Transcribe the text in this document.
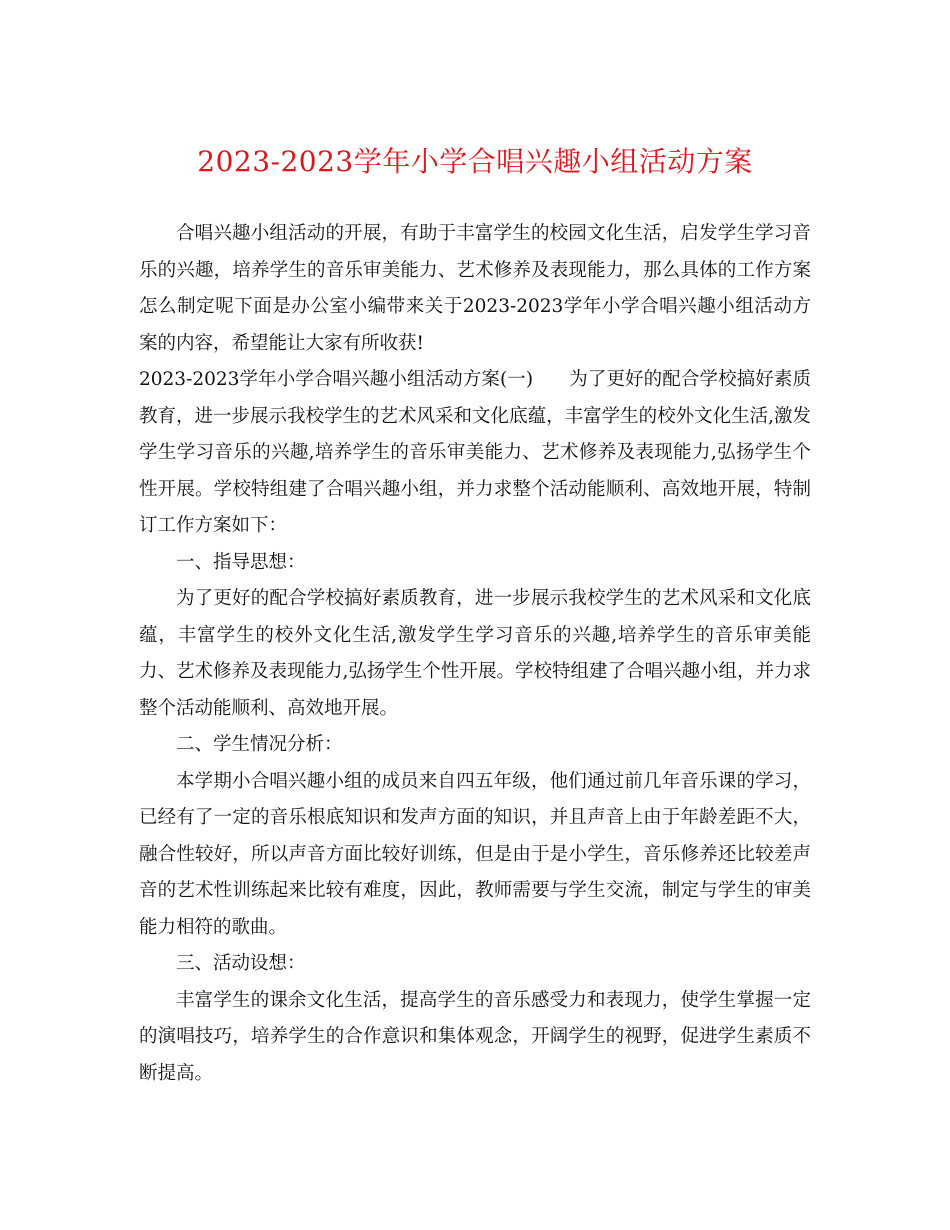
2023-2023学年小学合唱兴趣小组活动方案

合唱兴趣小组活动的开展，有助于丰富学生的校园文化生活，启发学生学习音乐的兴趣，培养学生的音乐审美能力、艺术修养及表现能力，那么具体的工作方案怎么制定呢下面是办公室小编带来关于2023-2023学年小学合唱兴趣小组活动方案的内容，希望能让大家有所收获!

2023-2023学年小学合唱兴趣小组活动方案(一) 为了更好的配合学校搞好素质教育，进一步展示我校学生的艺术风采和文化底蕴，丰富学生的校外文化生活,激发学生学习音乐的兴趣,培养学生的音乐审美能力、艺术修养及表现能力,弘扬学生个性开展。学校特组建了合唱兴趣小组，并力求整个活动能顺利、高效地开展，特制订工作方案如下：

一、指导思想：

为了更好的配合学校搞好素质教育，进一步展示我校学生的艺术风采和文化底蕴，丰富学生的校外文化生活,激发学生学习音乐的兴趣,培养学生的音乐审美能力、艺术修养及表现能力,弘扬学生个性开展。学校特组建了合唱兴趣小组，并力求整个活动能顺利、高效地开展。

二、学生情况分析：

本学期小合唱兴趣小组的成员来自四五年级，他们通过前几年音乐课的学习，已经有了一定的音乐根底知识和发声方面的知识，并且声音上由于年龄差距不大，融合性较好，所以声音方面比较好训练，但是由于是小学生，音乐修养还比较差声音的艺术性训练起来比较有难度，因此，教师需要与学生交流，制定与学生的审美能力相符的歌曲。

三、活动设想：

丰富学生的课余文化生活，提高学生的音乐感受力和表现力，使学生掌握一定的演唱技巧，培养学生的合作意识和集体观念，开阔学生的视野，促进学生素质不断提高。
